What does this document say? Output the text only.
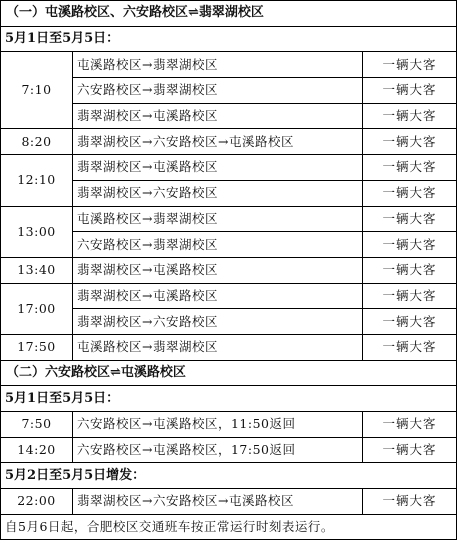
（一）屯溪路校区、六安路校区⇌翡翠湖校区		
5月1日至5月5日：		
7:10	屯溪路校区→翡翠湖校区	一辆大客
	六安路校区→翡翠湖校区	一辆大客
	翡翠湖校区→屯溪路校区	一辆大客
8:20	翡翠湖校区→六安路校区→屯溪路校区	一辆大客
12:10	翡翠湖校区→屯溪路校区	一辆大客
	翡翠湖校区→六安路校区	一辆大客
13:00	屯溪路校区→翡翠湖校区	一辆大客
	六安路校区→翡翠湖校区	一辆大客
13:40	翡翠湖校区→屯溪路校区	一辆大客
17:00	翡翠湖校区→屯溪路校区	一辆大客
	翡翠湖校区→六安路校区	一辆大客
17:50	屯溪路校区→翡翠湖校区	一辆大客
（二）六安路校区⇌屯溪路校区		
5月1日至5月5日：		
7:50	六安路校区→屯溪路校区，11:50返回	一辆大客
14:20	六安路校区→屯溪路校区，17:50返回	一辆大客
5月2日至5月5日增发：		
22:00	翡翠湖校区→六安路校区→屯溪路校区	一辆大客
自5月6日起，合肥校区交通班车按正常运行时刻表运行。		
